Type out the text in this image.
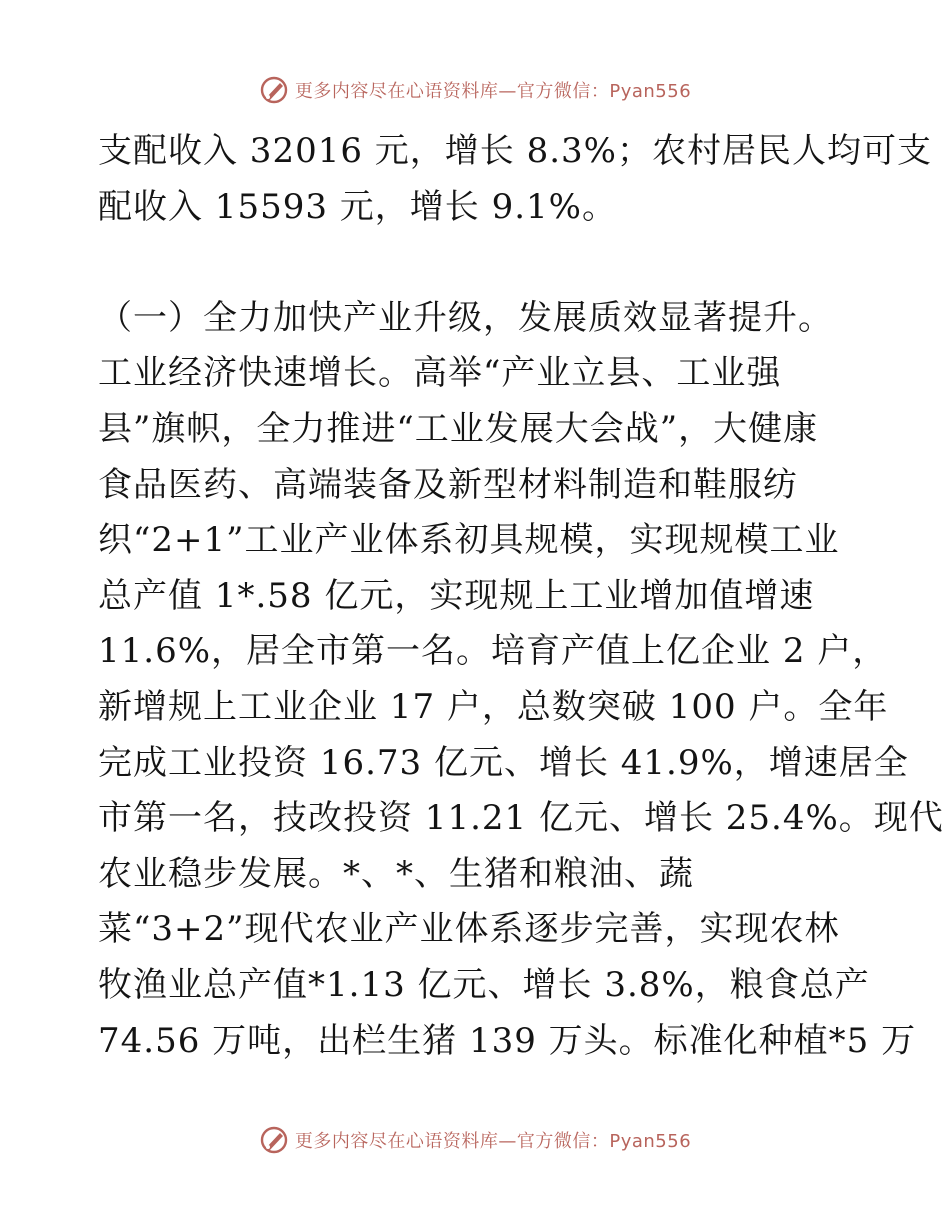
更多内容尽在心语资料库—官方微信：Pyan556
支配收入 32016 元，增长 8.3%；农村居民人均可支
配收入 15593 元，增长 9.1%。
（一）全力加快产业升级，发展质效显著提升。
工业经济快速增长。高举“产业立县、工业强
县”旗帜，全力推进“工业发展大会战”，大健康
食品医药、高端装备及新型材料制造和鞋服纺
织“2+1”工业产业体系初具规模，实现规模工业
总产值 1*.58 亿元，实现规上工业增加值增速
11.6%，居全市第一名。培育产值上亿企业 2 户，
新增规上工业企业 17 户，总数突破 100 户。全年
完成工业投资 16.73 亿元、增长 41.9%，增速居全
市第一名，技改投资 11.21 亿元、增长 25.4%。现代
农业稳步发展。*、*、生猪和粮油、蔬
菜“3+2”现代农业产业体系逐步完善，实现农林
牧渔业总产值*1.13 亿元、增长 3.8%，粮食总产
74.56 万吨，出栏生猪 139 万头。标准化种植*5 万
更多内容尽在心语资料库—官方微信：Pyan556
